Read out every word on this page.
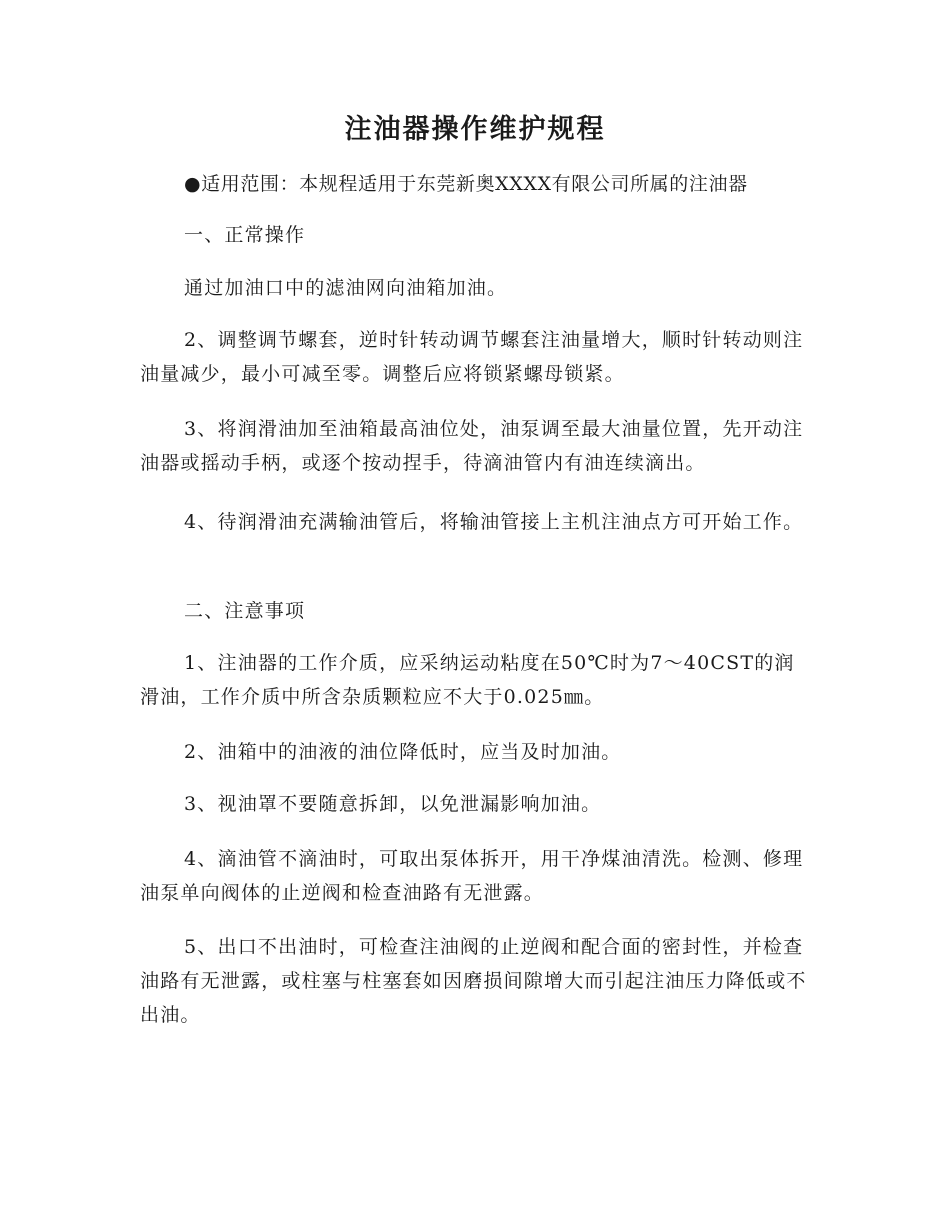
注油器操作维护规程
●适用范围：本规程适用于东莞新奥XXXX有限公司所属的注油器
一、正常操作

通过加油口中的滤油网向油箱加油。

2、调整调节螺套，逆时针转动调节螺套注油量增大，顺时针转动则注油量减少，最小可减至零。调整后应将锁紧螺母锁紧。

3、将润滑油加至油箱最高油位处，油泵调至最大油量位置，先开动注油器或摇动手柄，或逐个按动捏手，待滴油管内有油连续滴出。

4、待润滑油充满输油管后，将输油管接上主机注油点方可开始工作。

二、注意事项

1、注油器的工作介质，应采纳运动粘度在50℃时为7～40CST的润滑油，工作介质中所含杂质颗粒应不大于0.025㎜。

2、油箱中的油液的油位降低时，应当及时加油。

3、视油罩不要随意拆卸，以免泄漏影响加油。

4、滴油管不滴油时，可取出泵体拆开，用干净煤油清洗。检测、修理油泵单向阀体的止逆阀和检查油路有无泄露。

5、出口不出油时，可检查注油阀的止逆阀和配合面的密封性，并检查油路有无泄露，或柱塞与柱塞套如因磨损间隙增大而引起注油压力降低或不出油。
